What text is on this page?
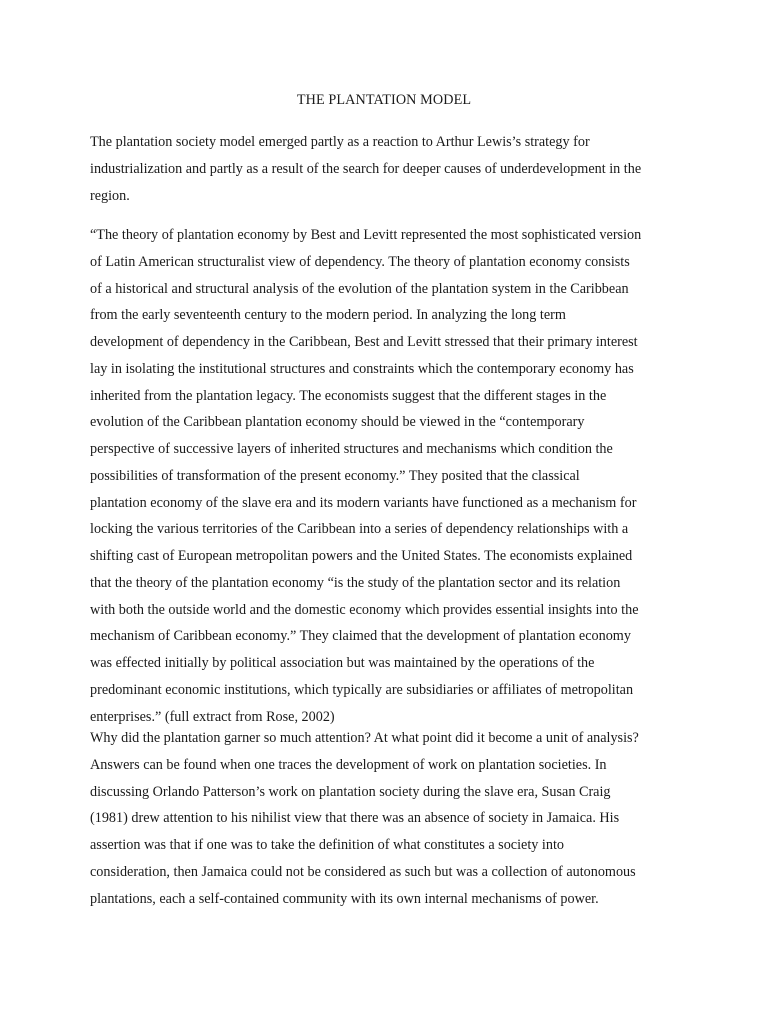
THE PLANTATION MODEL
The plantation society model emerged partly as a reaction to Arthur Lewis’s strategy for
industrialization and partly as a result of the search for deeper causes of underdevelopment in the
region.
“The theory of plantation economy by Best and Levitt represented the most sophisticated version
of Latin American structuralist view of dependency. The theory of plantation economy consists
of a historical and structural analysis of the evolution of the plantation system in the Caribbean
from the early seventeenth century to the modern period. In analyzing the long term
development of dependency in the Caribbean, Best and Levitt stressed that their primary interest
lay in isolating the institutional structures and constraints which the contemporary economy has
inherited from the plantation legacy. The economists suggest that the different stages in the
evolution of the Caribbean plantation economy should be viewed in the “contemporary
perspective of successive layers of inherited structures and mechanisms which condition the
possibilities of transformation of the present economy.” They posited that the classical
plantation economy of the slave era and its modern variants have functioned as a mechanism for
locking the various territories of the Caribbean into a series of dependency relationships with a
shifting cast of European metropolitan powers and the United States. The economists explained
that the theory of the plantation economy “is the study of the plantation sector and its relation
with both the outside world and the domestic economy which provides essential insights into the
mechanism of Caribbean economy.” They claimed that the development of plantation economy
was effected initially by political association but was maintained by the operations of the
predominant economic institutions, which typically are subsidiaries or affiliates of metropolitan
enterprises.” (full extract from Rose, 2002)
Why did the plantation garner so much attention? At what point did it become a unit of analysis?
Answers can be found when one traces the development of work on plantation societies. In
discussing Orlando Patterson’s work on plantation society during the slave era, Susan Craig
(1981) drew attention to his nihilist view that there was an absence of society in Jamaica. His
assertion was that if one was to take the definition of what constitutes a society into
consideration, then Jamaica could not be considered as such but was a collection of autonomous
plantations, each a self-contained community with its own internal mechanisms of power.
